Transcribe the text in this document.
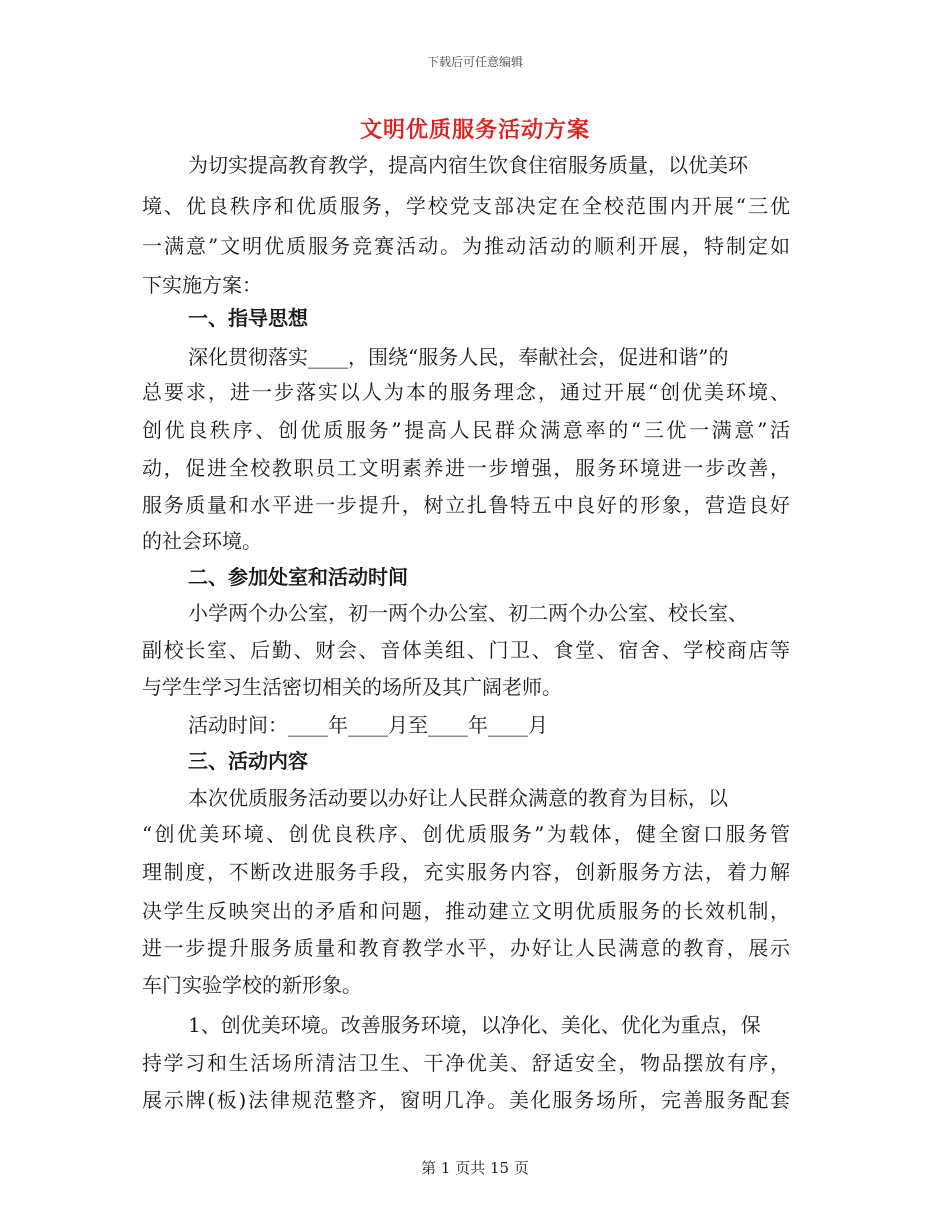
下载后可任意编辑
文明优质服务活动方案
为切实提高教育教学，提高内宿生饮食住宿服务质量，以优美环
境、优良秩序和优质服务，学校党支部决定在全校范围内开展“三优
一满意”文明优质服务竞赛活动。为推动活动的顺利开展，特制定如
下实施方案：
一、指导思想
深化贯彻落实____，围绕“服务人民，奉献社会，促进和谐”的
总要求，进一步落实以人为本的服务理念，通过开展“创优美环境、
创优良秩序、创优质服务”提高人民群众满意率的“三优一满意”活
动，促进全校教职员工文明素养进一步增强，服务环境进一步改善，
服务质量和水平进一步提升，树立扎鲁特五中良好的形象，营造良好
的社会环境。
二、参加处室和活动时间
小学两个办公室，初一两个办公室、初二两个办公室、校长室、
副校长室、后勤、财会、音体美组、门卫、食堂、宿舍、学校商店等
与学生学习生活密切相关的场所及其广阔老师。
活动时间：____年____月至____年____月
三、活动内容
本次优质服务活动要以办好让人民群众满意的教育为目标，以
“创优美环境、创优良秩序、创优质服务”为载体，健全窗口服务管
理制度，不断改进服务手段，充实服务内容，创新服务方法，着力解
决学生反映突出的矛盾和问题，推动建立文明优质服务的长效机制，
进一步提升服务质量和教育教学水平，办好让人民满意的教育，展示
车门实验学校的新形象。
1、创优美环境。改善服务环境，以净化、美化、优化为重点，保
持学习和生活场所清洁卫生、干净优美、舒适安全，物品摆放有序，
展示牌(板)法律规范整齐，窗明几净。美化服务场所，完善服务配套
第 1 页共 15 页
